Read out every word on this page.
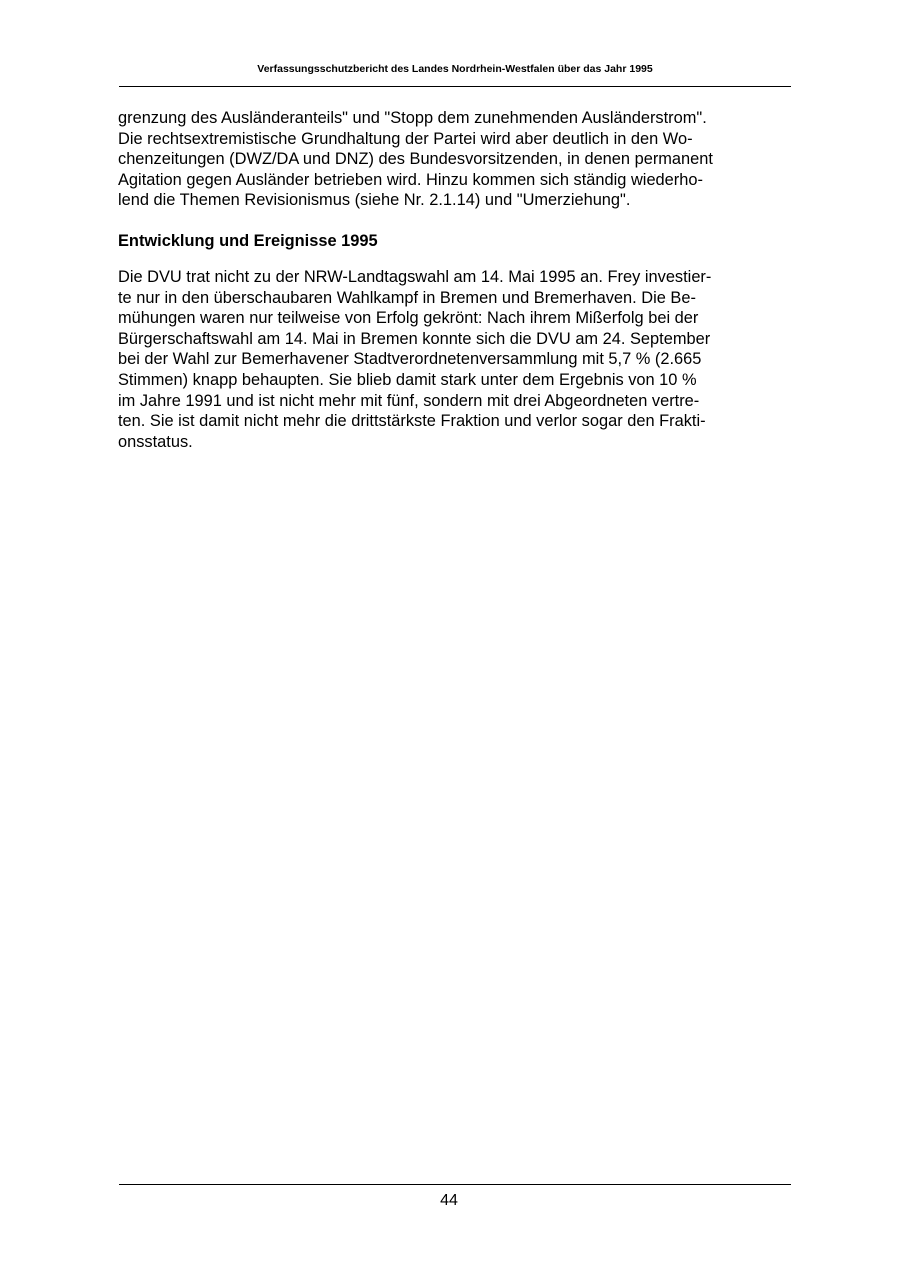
Verfassungsschutzbericht des Landes Nordrhein-Westfalen über das Jahr 1995
grenzung des Ausländeranteils" und "Stopp dem zunehmenden Ausländerstrom".
Die rechtsextremistische Grundhaltung der Partei wird aber deutlich in den Wo-
chenzeitungen (DWZ/DA und DNZ) des Bundesvorsitzenden, in denen permanent
Agitation gegen Ausländer betrieben wird. Hinzu kommen sich ständig wiederho-
lend die Themen Revisionismus (siehe Nr. 2.1.14) und "Umerziehung".
Entwicklung und Ereignisse 1995
Die DVU trat nicht zu der NRW-Landtagswahl am 14. Mai 1995 an. Frey investier-
te nur in den überschaubaren Wahlkampf in Bremen und Bremerhaven. Die Be-
mühungen waren nur teilweise von Erfolg gekrönt: Nach ihrem Mißerfolg bei der
Bürgerschaftswahl am 14. Mai in Bremen konnte sich die DVU am 24. September
bei der Wahl zur Bemerhavener Stadtverordnetenversammlung mit 5,7 % (2.665
Stimmen) knapp behaupten. Sie blieb damit stark unter dem Ergebnis von 10 %
im Jahre 1991 und ist nicht mehr mit fünf, sondern mit drei Abgeordneten vertre-
ten. Sie ist damit nicht mehr die drittstärkste Fraktion und verlor sogar den Frakti-
onsstatus.
44
